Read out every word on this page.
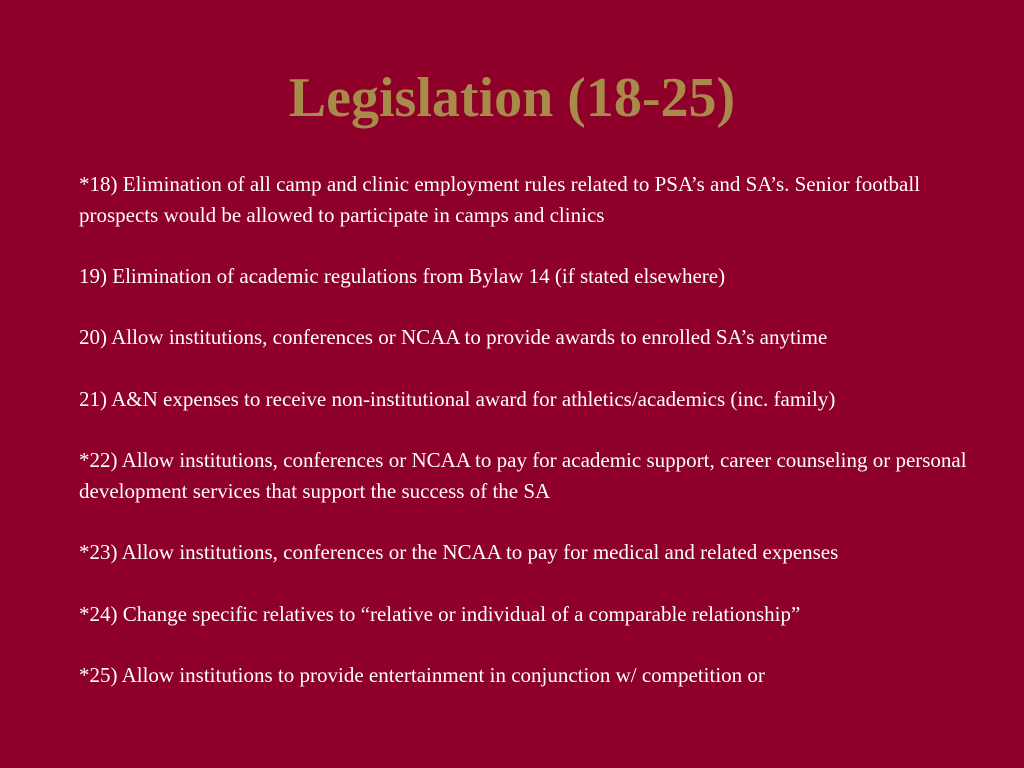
Legislation (18-25)
*18) Elimination of all camp and clinic employment rules related to PSA’s and SA’s. Senior football prospects would be allowed to participate in camps and clinics
19) Elimination of academic regulations from Bylaw 14 (if stated elsewhere)
20) Allow institutions, conferences or NCAA to provide awards to enrolled SA’s anytime
21) A&N expenses to receive non-institutional award for athletics/academics (inc. family)
*22) Allow institutions, conferences or NCAA to pay for academic support, career counseling or personal development services that support the success of the SA
*23) Allow institutions, conferences or the NCAA to pay for medical and related expenses
*24) Change specific relatives to “relative or individual of a comparable relationship”
*25) Allow institutions to provide entertainment in conjunction w/ competition or
